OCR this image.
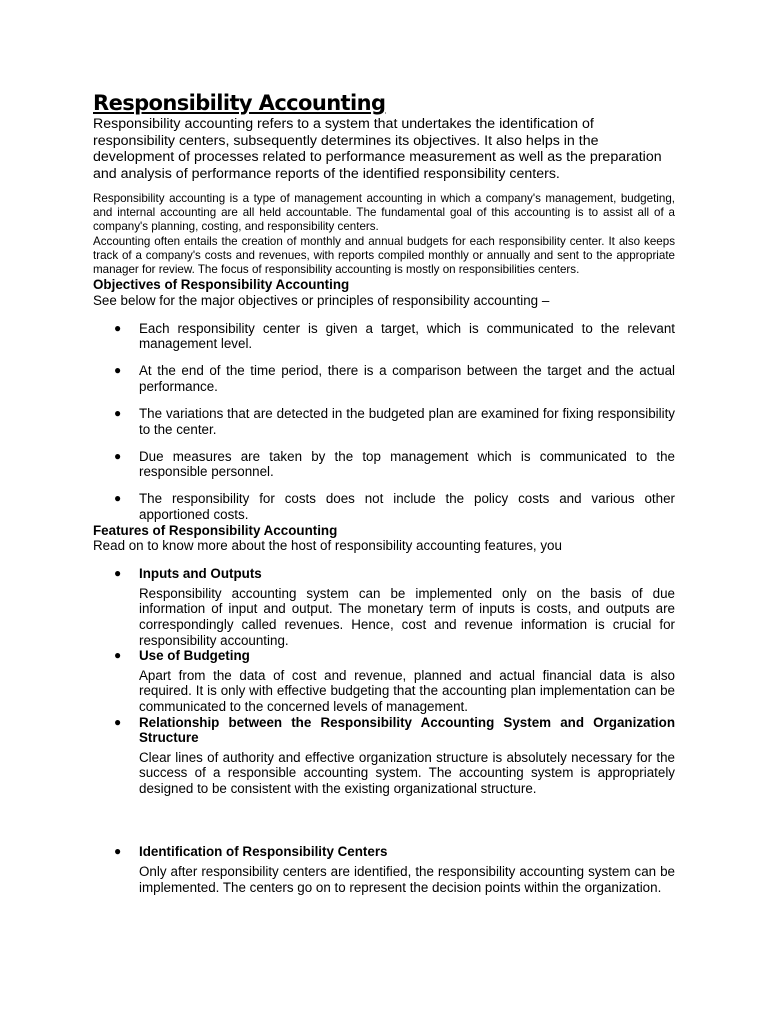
Responsibility Accounting

Responsibility accounting refers to a system that undertakes the identification of responsibility centers, subsequently determines its objectives. It also helps in the development of processes related to performance measurement as well as the preparation and analysis of performance reports of the identified responsibility centers.

Responsibility accounting is a type of management accounting in which a company's management, budgeting, and internal accounting are all held accountable. The fundamental goal of this accounting is to assist all of a company's planning, costing, and responsibility centers.

Accounting often entails the creation of monthly and annual budgets for each responsibility center. It also keeps track of a company's costs and revenues, with reports compiled monthly or annually and sent to the appropriate manager for review. The focus of responsibility accounting is mostly on responsibilities centers.

Objectives of Responsibility Accounting

See below for the major objectives or principles of responsibility accounting –

● Each responsibility center is given a target, which is communicated to the relevant management level.
● At the end of the time period, there is a comparison between the target and the actual performance.
● The variations that are detected in the budgeted plan are examined for fixing responsibility to the center.
● Due measures are taken by the top management which is communicated to the responsible personnel.
● The responsibility for costs does not include the policy costs and various other apportioned costs.

Features of Responsibility Accounting

Read on to know more about the host of responsibility accounting features, you

● Inputs and Outputs
Responsibility accounting system can be implemented only on the basis of due information of input and output. The monetary term of inputs is costs, and outputs are correspondingly called revenues. Hence, cost and revenue information is crucial for responsibility accounting.
● Use of Budgeting
Apart from the data of cost and revenue, planned and actual financial data is also required. It is only with effective budgeting that the accounting plan implementation can be communicated to the concerned levels of management.
● Relationship between the Responsibility Accounting System and Organization Structure
Clear lines of authority and effective organization structure is absolutely necessary for the success of a responsible accounting system. The accounting system is appropriately designed to be consistent with the existing organizational structure.
● Identification of Responsibility Centers
Only after responsibility centers are identified, the responsibility accounting system can be implemented. The centers go on to represent the decision points within the organization.
